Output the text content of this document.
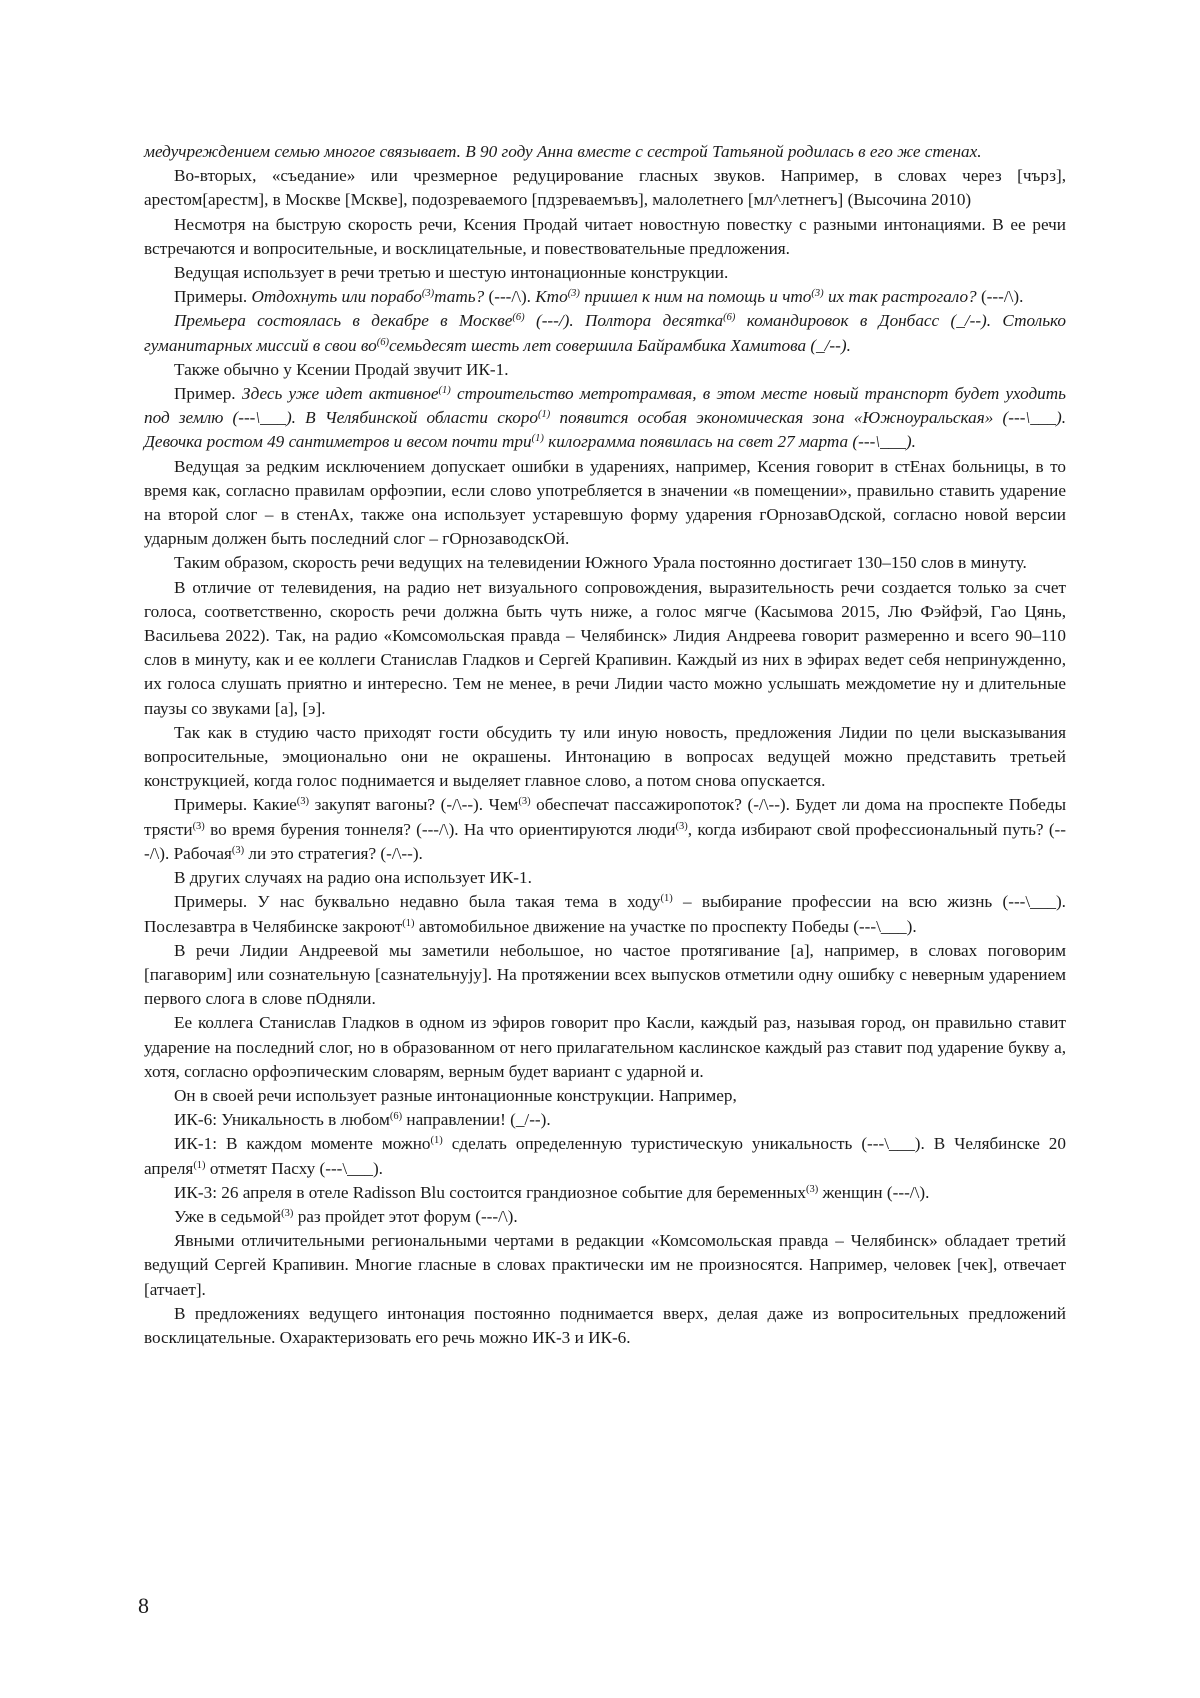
медучреждением семью многое связывает. В 90 году Анна вместе с сестрой Татьяной родилась в его же стенах.

Во-вторых, «съедание» или чрезмерное редуцирование гласных звуков. Например, в словах через [чърз], арестом[арестм], в Москве [Мскве], подозреваемого [пдзреваемъвъ], малолетнего [мл^летнегъ] (Высочина 2010)

Несмотря на быструю скорость речи, Ксения Продай читает новостную повестку с разными интонациями. В ее речи встречаются и вопросительные, и восклицательные, и повествовательные предложения.

Ведущая использует в речи третью и шестую интонационные конструкции.

Примеры. Отдохнуть или порабо$^{(3)}$тать? (---/\). Кто$^{(3)}$ пришел к ним на помощь и что$^{(3)}$ их так растрогало? (---/\).

Премьера состоялась в декабре в Москве$^{(6)}$ (---/). Полтора десятка$^{(6)}$ командировок в Донбасс (_/--). Столько гуманитарных миссий в свои $во^{(6)}семьдесят$ шесть лет совершила Байрамбика Хамитова (_/--).

Также обычно у Ксении Продай звучит ИК-1.

Пример. Здесь уже идет активное$^{(1)}$ строительство метротрамвая, в этом месте новый транспорт будет уходить под землю (---\___). В Челябинской области скоро$^{(1)}$ появится особая экономическая зона «Южноуральская» (---\___). Девочка ростом 49 сантиметров и весом почти три$^{(1)}$ килограмма появилась на свет 27 марта (---\___).

Ведущая за редким исключением допускает ошибки в ударениях, например, Ксения говорит в стЕнах больницы, в то время как, согласно правилам орфоэпии, если слово употребляется в значении «в помещении», правильно ставить ударение на второй слог – в стенАх, также она использует устаревшую форму ударения гОрнозавОдской, согласно новой версии ударным должен быть последний слог – гОрнозаводскОй.

Таким образом, скорость речи ведущих на телевидении Южного Урала постоянно достигает 130–150 слов в минуту.

В отличие от телевидения, на радио нет визуального сопровождения, выразительность речи создается только за счет голоса, соответственно, скорость речи должна быть чуть ниже, а голос мягче (Касымова 2015, Лю Фэйфэй, Гао Цянь, Васильева 2022). Так, на радио «Комсомольская правда – Челябинск» Лидия Андреева говорит размеренно и всего 90–110 слов в минуту, как и ее коллеги Станислав Гладков и Сергей Крапивин. Каждый из них в эфирах ведет себя непринужденно, их голоса слушать приятно и интересно. Тем не менее, в речи Лидии часто можно услышать междометие ну и длительные паузы со звуками [а], [э].

Так как в студию часто приходят гости обсудить ту или иную новость, предложения Лидии по цели высказывания вопросительные, эмоционально они не окрашены. Интонацию в вопросах ведущей можно представить третьей конструкцией, когда голос поднимается и выделяет главное слово, а потом снова опускается.

Примеры. Какие$^{(3)}$ закупят вагоны? (-/\--). Чем$^{(3)}$ обеспечат пассажиропоток? (-/\--). Будет ли дома на проспекте Победы трясти$^{(3)}$ во время бурения тоннеля? (---/\). На что ориентируются люди$^{(3)}$, когда избирают свой профессиональный путь? (---/\). Рабочая$^{(3)}$ ли это стратегия? (-/\--).

В других случаях на радио она использует ИК-1.

Примеры. У нас буквально недавно была такая тема в ходу$^{(1)}$ – выбирание профессии на всю жизнь (---\___). Послезавтра в Челябинске закроют$^{(1)}$ автомобильное движение на участке по проспекту Победы (---\___).

В речи Лидии Андреевой мы заметили небольшое, но частое протягивание [а], например, в словах поговорим [пагаворим] или сознательную [сазнательнују]. На протяжении всех выпусков отметили одну ошибку с неверным ударением первого слога в слове пОдняли.

Ее коллега Станислав Гладков в одном из эфиров говорит про Касли, каждый раз, называя город, он правильно ставит ударение на последний слог, но в образованном от него прилагательном каслинское каждый раз ставит под ударение букву а, хотя, согласно орфоэпическим словарям, верным будет вариант с ударной и.

Он в своей речи использует разные интонационные конструкции. Например,

ИК-6: Уникальность в любом$^{(6)}$ направлении! (_/--).

ИК-1: В каждом моменте можно$^{(1)}$ сделать определенную туристическую уникальность (---\___). В Челябинске 20 апреля$^{(1)}$ отметят Пасху (---\___).

ИК-3: 26 апреля в отеле Radisson Blu состоится грандиозное событие для беременных$^{(3)}$ женщин (---/\).

Уже в седьмой$^{(3)}$ раз пройдет этот форум (---/\).

Явными отличительными региональными чертами в редакции «Комсомольская правда – Челябинск» обладает третий ведущий Сергей Крапивин. Многие гласные в словах практически им не произносятся. Например, человек [чек], отвечает [атчает].

В предложениях ведущего интонация постоянно поднимается вверх, делая даже из вопросительных предложений восклицательные. Охарактеризовать его речь можно ИК-3 и ИК-6.

8
